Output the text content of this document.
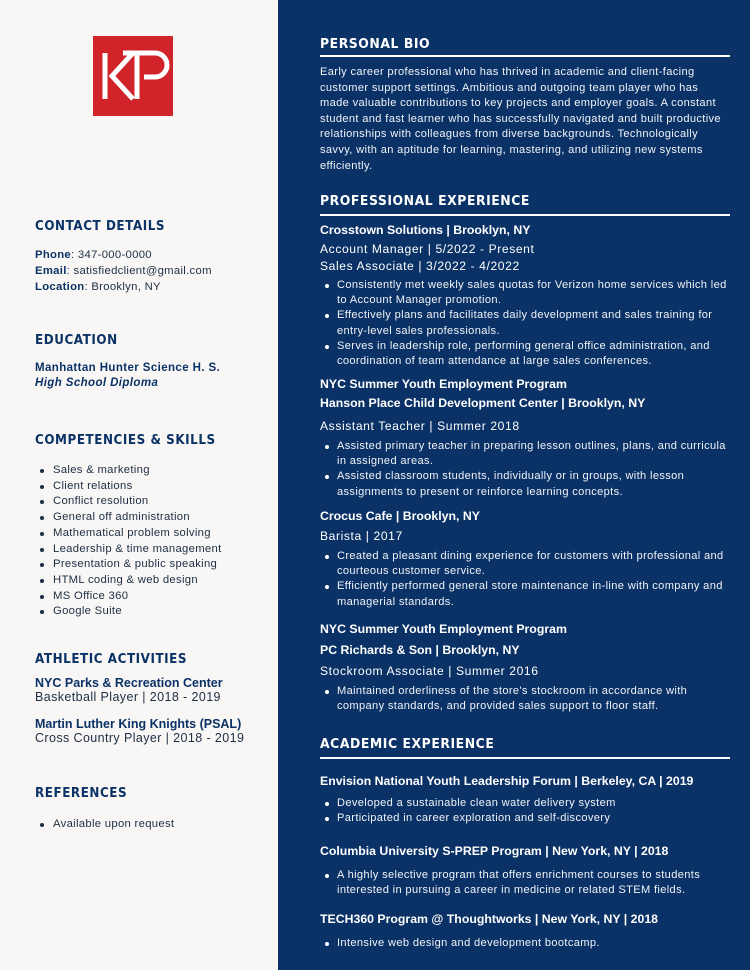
CONTACT DETAILS
Phone: 347-000-0000
Email: satisfiedclient@gmail.com
Location: Brooklyn, NY
EDUCATION
Manhattan Hunter Science H. S.
High School Diploma
COMPETENCIES & SKILLS
Sales & marketing
Client relations
Conflict resolution
General off administration
Mathematical problem solving
Leadership & time management
Presentation & public speaking
HTML coding & web design
MS Office 360
Google Suite
ATHLETIC ACTIVITIES
NYC Parks & Recreation Center
Basketball Player | 2018 - 2019
Martin Luther King Knights (PSAL)
Cross Country Player | 2018 - 2019
REFERENCES
Available upon request
PERSONAL BIO
Early career professional who has thrived in academic and client-facing customer support settings. Ambitious and outgoing team player who has made valuable contributions to key projects and employer goals. A constant student and fast learner who has successfully navigated and built productive relationships with colleagues from diverse backgrounds. Technologically savvy, with an aptitude for learning, mastering, and utilizing new systems efficiently.
PROFESSIONAL EXPERIENCE
Crosstown Solutions | Brooklyn, NY
Account Manager | 5/2022 - Present
Sales Associate | 3/2022 - 4/2022
Consistently met weekly sales quotas for Verizon home services which led to Account Manager promotion.
Effectively plans and facilitates daily development and sales training for entry-level sales professionals.
Serves in leadership role, performing general office administration, and coordination of team attendance at large sales conferences.
NYC Summer Youth Employment Program
Hanson Place Child Development Center | Brooklyn, NY
Assistant Teacher | Summer 2018
Assisted primary teacher in preparing lesson outlines, plans, and curricula in assigned areas.
Assisted classroom students, individually or in groups, with lesson assignments to present or reinforce learning concepts.
Crocus Cafe | Brooklyn, NY
Barista | 2017
Created a pleasant dining experience for customers with professional and courteous customer service.
Efficiently performed general store maintenance in-line with company and managerial standards.
NYC Summer Youth Employment Program
PC Richards & Son | Brooklyn, NY
Stockroom Associate | Summer 2016
Maintained orderliness of the store's stockroom in accordance with company standards, and provided sales support to floor staff.
ACADEMIC EXPERIENCE
Envision National Youth Leadership Forum | Berkeley, CA | 2019
Developed a sustainable clean water delivery system
Participated in career exploration and self-discovery
Columbia University S-PREP Program | New York, NY | 2018
A highly selective program that offers enrichment courses to students interested in pursuing a career in medicine or related STEM fields.
TECH360 Program @ Thoughtworks | New York, NY | 2018
Intensive web design and development bootcamp.
